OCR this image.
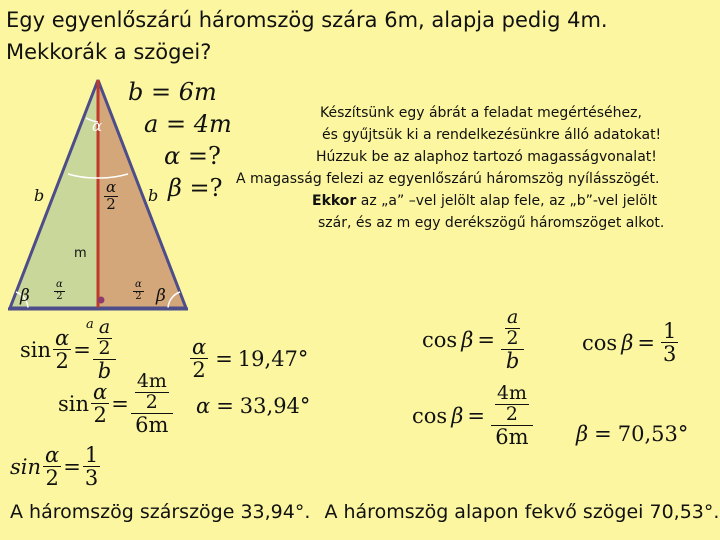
Egy egyenlőszárú háromszög szára 6m, alapja pedig 4m.
Mekkorák a szögei?
α
$\frac{\alpha}{2}$
b	b
m
β $\frac{\alpha}{2}$	$\frac{\alpha}{2}$ β
a
b = 6m
a = 4m
α =?
β =?
Készítsünk egy ábrát a feladat megértéséhez,
és gyűjtsük ki a rendelkezésünkre álló adatokat!
Húzzuk be az alaphoz tartozó magasságvonalat!
A magasság felezi az egyenlőszárú háromszög nyílásszögét.
Ekkor az „a” –vel jelölt alap fele, az „b”-vel jelölt
szár, és az m egy derékszögű háromszöget alkot.
$\sin \frac{\alpha}{2} = \frac{\frac{a}{2}}{b}$	$\frac{\alpha}{2} = 19,47^\circ$
$\sin \frac{\alpha}{2} = \frac{\frac{4m}{2}}{6m}$ α = 33,94°
$\sin \frac{\alpha}{2} = \frac{1}{3}$
$\cos \beta = \frac{\frac{a}{2}}{b}$	$\cos \beta = \frac{1}{3}$
$\cos \beta = \frac{\frac{4m}{2}}{6m}$ β = 70,53°
A háromszög szárszöge 33,94°. A háromszög alapon fekvő szögei 70,53°.
